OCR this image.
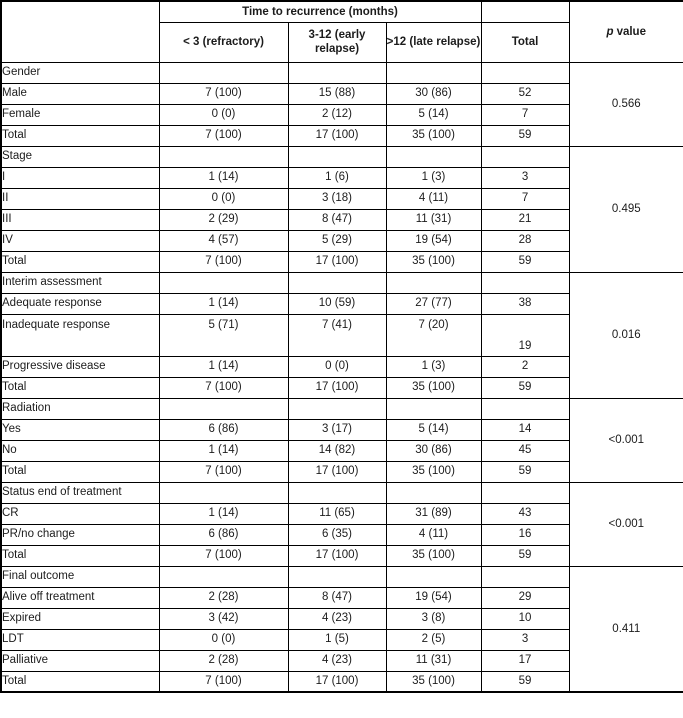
	Time to recurrence (months)				p value
	< 3 (refractory)	3-12 (early relapse)	>12 (late relapse)	Total	
Gender					0.566
Male	7 (100)	15 (88)	30 (86)	52	
Female	0 (0)	2 (12)	5 (14)	7	
Total	7 (100)	17 (100)	35 (100)	59	
Stage					0.495
I	1 (14)	1 (6)	1 (3)	3	
II	0 (0)	3 (18)	4 (11)	7	
III	2 (29)	8 (47)	11 (31)	21	
IV	4 (57)	5 (29)	19 (54)	28	
Total	7 (100)	17 (100)	35 (100)	59	
Interim assessment					0.016
Adequate response	1 (14)	10 (59)	27 (77)	38	
Inadequate response	5 (71)	7 (41)	7 (20)	19	
Progressive disease	1 (14)	0 (0)	1 (3)	2	
Total	7 (100)	17 (100)	35 (100)	59	
Radiation					<0.001
Yes	6 (86)	3 (17)	5 (14)	14	
No	1 (14)	14 (82)	30 (86)	45	
Total	7 (100)	17 (100)	35 (100)	59	
Status end of treatment					<0.001
CR	1 (14)	11 (65)	31 (89)	43	
PR/no change	6 (86)	6 (35)	4 (11)	16	
Total	7 (100)	17 (100)	35 (100)	59	
Final outcome					0.411
Alive off treatment	2 (28)	8 (47)	19 (54)	29	
Expired	3 (42)	4 (23)	3 (8)	10	
LDT	0 (0)	1 (5)	2 (5)	3	
Palliative	2 (28)	4 (23)	11 (31)	17	
Total	7 (100)	17 (100)	35 (100)	59	
